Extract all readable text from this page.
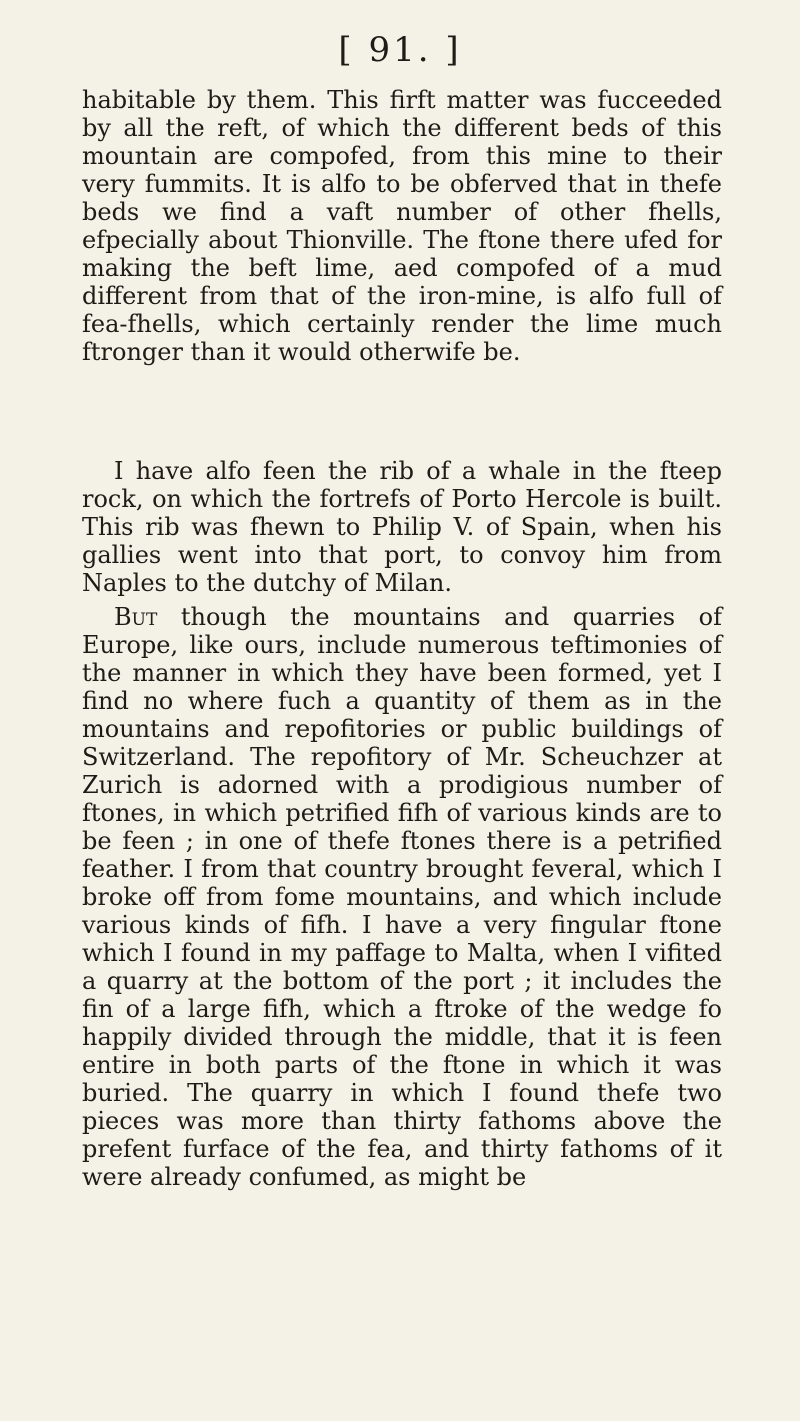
[ 91. ]

habitable by them. This firft matter was fucceeded by all the reft, of which the different beds of this mountain are compofed, from this mine to their very fummits. It is alfo to be obferved that in thefe beds we find a vaft number of other fhells, efpecially about Thionville. The ftone there ufed for making the beft lime, aed compofed of a mud different from that of the iron-mine, is alfo full of fea-fhells, which certainly render the lime much ftronger than it would otherwife be.

I have alfo feen the rib of a whale in the fteep rock, on which the fortrefs of Porto Hercole is built. This rib was fhewn to Philip V. of Spain, when his gallies went into that port, to convoy him from Naples to the dutchy of Milan.

But though the mountains and quarries of Europe, like ours, include numerous teftimonies of the manner in which they have been formed, yet I find no where fuch a quantity of them as in the mountains and repofitories or public buildings of Switzerland. The repofitory of Mr. Scheuchzer at Zurich is adorned with a prodigious number of ftones, in which petrified fifh of various kinds are to be feen ; in one of thefe ftones there is a petrified feather. I from that country brought feveral, which I broke off from fome mountains, and which include various kinds of fifh. I have a very fingular ftone which I found in my paffage to Malta, when I vifited a quarry at the bottom of the port ; it includes the fin of a large fifh, which a ftroke of the wedge fo happily divided through the middle, that it is feen entire in both parts of the ftone in which it was buried. The quarry in which I found thefe two pieces was more than thirty fathoms above the prefent furface of the fea, and thirty fathoms of it were already confumed, as might be
